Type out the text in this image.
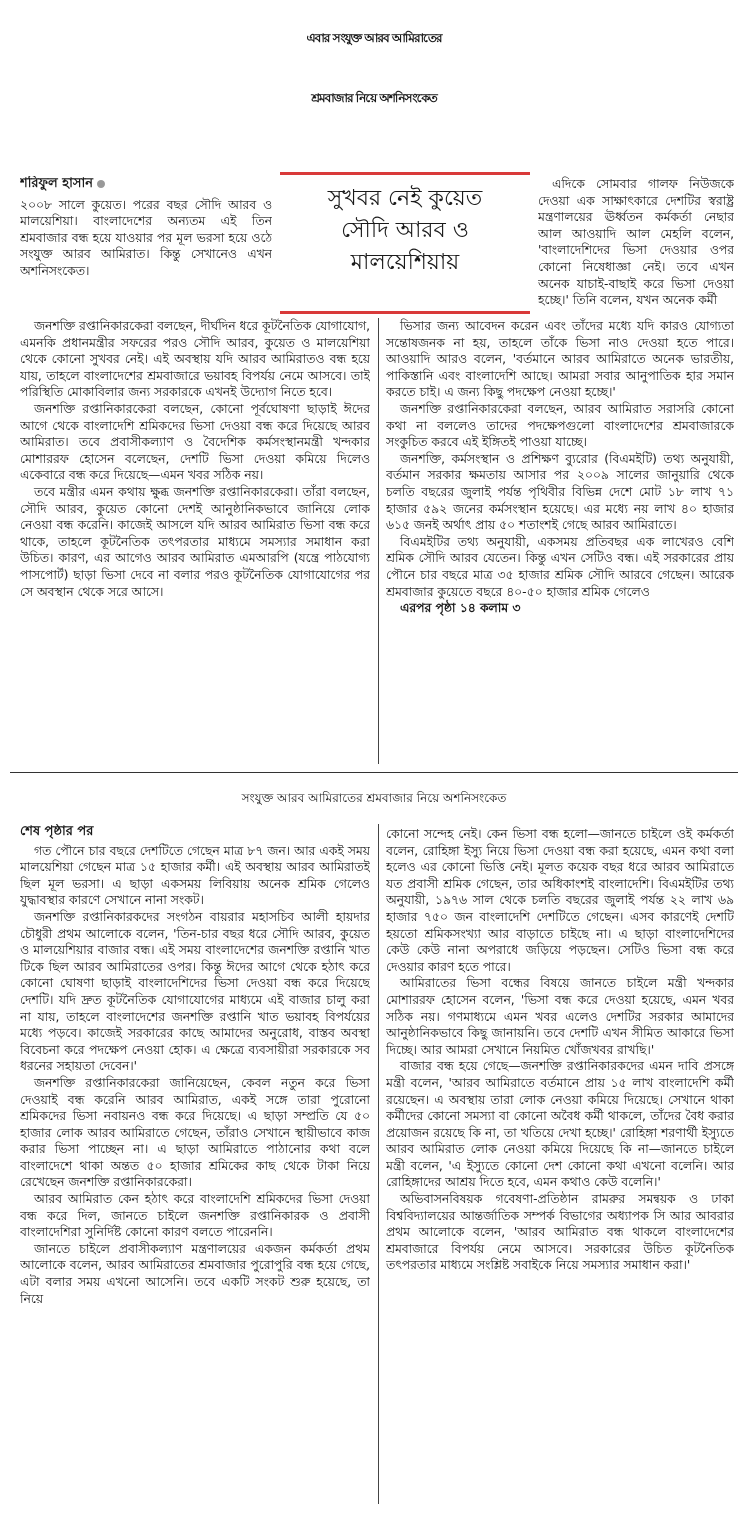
এবার সংযুক্ত আরব আমিরাতের
শ্রমবাজার নিয়ে অশনিসংকেত
শরিফুল হাসান

২০০৮ সালে কুয়েত। পরের বছর সৌদি আরব ও মালয়েশিয়া। বাংলাদেশের অন্যতম এই তিন শ্রমবাজার বন্ধ হয়ে যাওয়ার পর মূল ভরসা হয়ে ওঠে সংযুক্ত আরব আমিরাত। কিন্তু সেখানেও এখন অশনিসংকেত।

সুখবর নেই কুয়েত
সৌদি আরব ও
মালয়েশিয়ায়

এদিকে সোমবার গালফ নিউজকে দেওয়া এক সাক্ষাৎকারে দেশটির স্বরাষ্ট্র মন্ত্রণালয়ের ঊর্ধ্বতন কর্মকর্তা নেছার আল আওয়াদি আল মেহলি বলেন, 'বাংলাদেশিদের ভিসা দেওয়ার ওপর কোনো নিষেধাজ্ঞা নেই। তবে এখন অনেক যাচাই-বাছাই করে ভিসা দেওয়া হচ্ছে।' তিনি বলেন, যখন অনেক কর্মী

জনশক্তি রপ্তানিকারকেরা বলছেন, দীর্ঘদিন ধরে কূটনৈতিক যোগাযোগ, এমনকি প্রধানমন্ত্রীর সফরের পরও সৌদি আরব, কুয়েত ও মালয়েশিয়া থেকে কোনো সুখবর নেই। এই অবস্থায় যদি আরব আমিরাতও বন্ধ হয়ে যায়, তাহলে বাংলাদেশের শ্রমবাজারে ভয়াবহ বিপর্যয় নেমে আসবে। তাই পরিস্থিতি মোকাবিলার জন্য সরকারকে এখনই উদ্যোগ নিতে হবে।

জনশক্তি রপ্তানিকারকেরা বলছেন, কোনো পূর্বঘোষণা ছাড়াই ঈদের আগে থেকে বাংলাদেশি শ্রমিকদের ভিসা দেওয়া বন্ধ করে দিয়েছে আরব আমিরাত। তবে প্রবাসীকল্যাণ ও বৈদেশিক কর্মসংস্থানমন্ত্রী খন্দকার মোশাররফ হোসেন বলেছেন, দেশটি ভিসা দেওয়া কমিয়ে দিলেও একেবারে বন্ধ করে দিয়েছে—এমন খবর সঠিক নয়।

তবে মন্ত্রীর এমন কথায় ক্ষুব্ধ জনশক্তি রপ্তানিকারকেরা। তাঁরা বলছেন, সৌদি আরব, কুয়েত কোনো দেশই আনুষ্ঠানিকভাবে জানিয়ে লোক নেওয়া বন্ধ করেনি। কাজেই আসলে যদি আরব আমিরাত ভিসা বন্ধ করে থাকে, তাহলে কূটনৈতিক তৎপরতার মাধ্যমে সমস্যার সমাধান করা উচিত। কারণ, এর আগেও আরব আমিরাত এমআরপি (যন্ত্রে পাঠযোগ্য পাসপোর্ট) ছাড়া ভিসা দেবে না বলার পরও কূটনৈতিক যোগাযোগের পর সে অবস্থান থেকে সরে আসে।

ভিসার জন্য আবেদন করেন এবং তাঁদের মধ্যে যদি কারও যোগ্যতা সন্তোষজনক না হয়, তাহলে তাঁকে ভিসা নাও দেওয়া হতে পারে। আওয়াদি আরও বলেন, 'বর্তমানে আরব আমিরাতে অনেক ভারতীয়, পাকিস্তানি এবং বাংলাদেশি আছে। আমরা সবার আনুপাতিক হার সমান করতে চাই। এ জন্য কিছু পদক্ষেপ নেওয়া হচ্ছে।'

জনশক্তি রপ্তানিকারকেরা বলছেন, আরব আমিরাত সরাসরি কোনো কথা না বললেও তাদের পদক্ষেপগুলো বাংলাদেশের শ্রমবাজারকে সংকুচিত করবে এই ইঙ্গিতই পাওয়া যাচ্ছে।

জনশক্তি, কর্মসংস্থান ও প্রশিক্ষণ ব্যুরোর (বিএমইটি) তথ্য অনুযায়ী, বর্তমান সরকার ক্ষমতায় আসার পর ২০০৯ সালের জানুয়ারি থেকে চলতি বছরের জুলাই পর্যন্ত পৃথিবীর বিভিন্ন দেশে মোট ১৮ লাখ ৭১ হাজার ৫৯২ জনের কর্মসংস্থান হয়েছে। এর মধ্যে নয় লাখ ৪০ হাজার ৬১৫ জনই অর্থাৎ প্রায় ৫০ শতাংশই গেছে আরব আমিরাতে।

বিএমইটির তথ্য অনুযায়ী, একসময় প্রতিবছর এক লাখেরও বেশি শ্রমিক সৌদি আরব যেতেন। কিন্তু এখন সেটিও বন্ধ। এই সরকারের প্রায় পৌনে চার বছরে মাত্র ৩৫ হাজার শ্রমিক সৌদি আরবে গেছেন। আরেক শ্রমবাজার কুয়েতে বছরে ৪০-৫০ হাজার শ্রমিক গেলেও

এরপর পৃষ্ঠা ১৪ কলাম ৩

সংযুক্ত আরব আমিরাতের শ্রমবাজার নিয়ে অশনিসংকেত
শেষ পৃষ্ঠার পর

গত পৌনে চার বছরে দেশটিতে গেছেন মাত্র ৮৭ জন। আর একই সময় মালয়েশিয়া গেছেন মাত্র ১৫ হাজার কর্মী। এই অবস্থায় আরব আমিরাতই ছিল মূল ভরসা। এ ছাড়া একসময় লিবিয়ায় অনেক শ্রমিক গেলেও যুদ্ধাবস্থার কারণে সেখানে নানা সংকট।

জনশক্তি রপ্তানিকারকদের সংগঠন বায়রার মহাসচিব আলী হায়দার চৌধুরী প্রথম আলোকে বলেন, 'তিন-চার বছর ধরে সৌদি আরব, কুয়েত ও মালয়েশিয়ার বাজার বন্ধ। এই সময় বাংলাদেশের জনশক্তি রপ্তানি খাত টিকে ছিল আরব আমিরাতের ওপর। কিন্তু ঈদের আগে থেকে হঠাৎ করে কোনো ঘোষণা ছাড়াই বাংলাদেশিদের ভিসা দেওয়া বন্ধ করে দিয়েছে দেশটি। যদি দ্রুত কূটনৈতিক যোগাযোগের মাধ্যমে এই বাজার চালু করা না যায়, তাহলে বাংলাদেশের জনশক্তি রপ্তানি খাত ভয়াবহ বিপর্যয়ের মধ্যে পড়বে। কাজেই সরকারের কাছে আমাদের অনুরোধ, বাস্তব অবস্থা বিবেচনা করে পদক্ষেপ নেওয়া হোক। এ ক্ষেত্রে ব্যবসায়ীরা সরকারকে সব ধরনের সহায়তা দেবেন।'

জনশক্তি রপ্তানিকারকেরা জানিয়েছেন, কেবল নতুন করে ভিসা দেওয়াই বন্ধ করেনি আরব আমিরাত, একই সঙ্গে তারা পুরোনো শ্রমিকদের ভিসা নবায়নও বন্ধ করে দিয়েছে। এ ছাড়া সম্প্রতি যে ৫০ হাজার লোক আরব আমিরাতে গেছেন, তাঁরাও সেখানে স্থায়ীভাবে কাজ করার ভিসা পাচ্ছেন না। এ ছাড়া আমিরাতে পাঠানোর কথা বলে বাংলাদেশে থাকা অন্তত ৫০ হাজার শ্রমিকের কাছ থেকে টাকা নিয়ে রেখেছেন জনশক্তি রপ্তানিকারকেরা।

আরব আমিরাত কেন হঠাৎ করে বাংলাদেশি শ্রমিকদের ভিসা দেওয়া বন্ধ করে দিল, জানতে চাইলে জনশক্তি রপ্তানিকারক ও প্রবাসী বাংলাদেশিরা সুনির্দিষ্ট কোনো কারণ বলতে পারেননি।

জানতে চাইলে প্রবাসীকল্যাণ মন্ত্রণালয়ের একজন কর্মকর্তা প্রথম আলোকে বলেন, আরব আমিরাতের শ্রমবাজার পুরোপুরি বন্ধ হয়ে গেছে, এটা বলার সময় এখনো আসেনি। তবে একটি সংকট শুরু হয়েছে, তা নিয়ে

কোনো সন্দেহ নেই। কেন ভিসা বন্ধ হলো—জানতে চাইলে ওই কর্মকর্তা বলেন, রোহিঙ্গা ইস্যু নিয়ে ভিসা দেওয়া বন্ধ করা হয়েছে, এমন কথা বলা হলেও এর কোনো ভিত্তি নেই। মূলত কয়েক বছর ধরে আরব আমিরাতে যত প্রবাসী শ্রমিক গেছেন, তার অধিকাংশই বাংলাদেশি। বিএমইটির তথ্য অনুযায়ী, ১৯৭৬ সাল থেকে চলতি বছরের জুলাই পর্যন্ত ২২ লাখ ৬৯ হাজার ৭৫০ জন বাংলাদেশি দেশটিতে গেছেন। এসব কারণেই দেশটি হয়তো শ্রমিকসংখ্যা আর বাড়াতে চাইছে না। এ ছাড়া বাংলাদেশিদের কেউ কেউ নানা অপরাধে জড়িয়ে পড়ছেন। সেটিও ভিসা বন্ধ করে দেওয়ার কারণ হতে পারে।

আমিরাতের ভিসা বন্ধের বিষয়ে জানতে চাইলে মন্ত্রী খন্দকার মোশাররফ হোসেন বলেন, 'ভিসা বন্ধ করে দেওয়া হয়েছে, এমন খবর সঠিক নয়। গণমাধ্যমে এমন খবর এলেও দেশটির সরকার আমাদের আনুষ্ঠানিকভাবে কিছু জানায়নি। তবে দেশটি এখন সীমিত আকারে ভিসা দিচ্ছে। আর আমরা সেখানে নিয়মিত খোঁজখবর রাখছি।'

বাজার বন্ধ হয়ে গেছে—জনশক্তি রপ্তানিকারকদের এমন দাবি প্রসঙ্গে মন্ত্রী বলেন, 'আরব আমিরাতে বর্তমানে প্রায় ১৫ লাখ বাংলাদেশি কর্মী রয়েছেন। এ অবস্থায় তারা লোক নেওয়া কমিয়ে দিয়েছে। সেখানে থাকা কর্মীদের কোনো সমস্যা বা কোনো অবৈধ কর্মী থাকলে, তাঁদের বৈধ করার প্রয়োজন রয়েছে কি না, তা খতিয়ে দেখা হচ্ছে।' রোহিঙ্গা শরণার্থী ইস্যুতে আরব আমিরাত লোক নেওয়া কমিয়ে দিয়েছে কি না—জানতে চাইলে মন্ত্রী বলেন, 'এ ইস্যুতে কোনো দেশ কোনো কথা এখনো বলেনি। আর রোহিঙ্গাদের আশ্রয় দিতে হবে, এমন কথাও কেউ বলেনি।'

অভিবাসনবিষয়ক গবেষণা-প্রতিষ্ঠান রামরুর সমন্বয়ক ও ঢাকা বিশ্ববিদ্যালয়ের আন্তর্জাতিক সম্পর্ক বিভাগের অধ্যাপক সি আর আবরার প্রথম আলোকে বলেন, 'আরব আমিরাত বন্ধ থাকলে বাংলাদেশের শ্রমবাজারে বিপর্যয় নেমে আসবে। সরকারের উচিত কূটনৈতিক তৎপরতার মাধ্যমে সংশ্লিষ্ট সবাইকে নিয়ে সমস্যার সমাধান করা।'
